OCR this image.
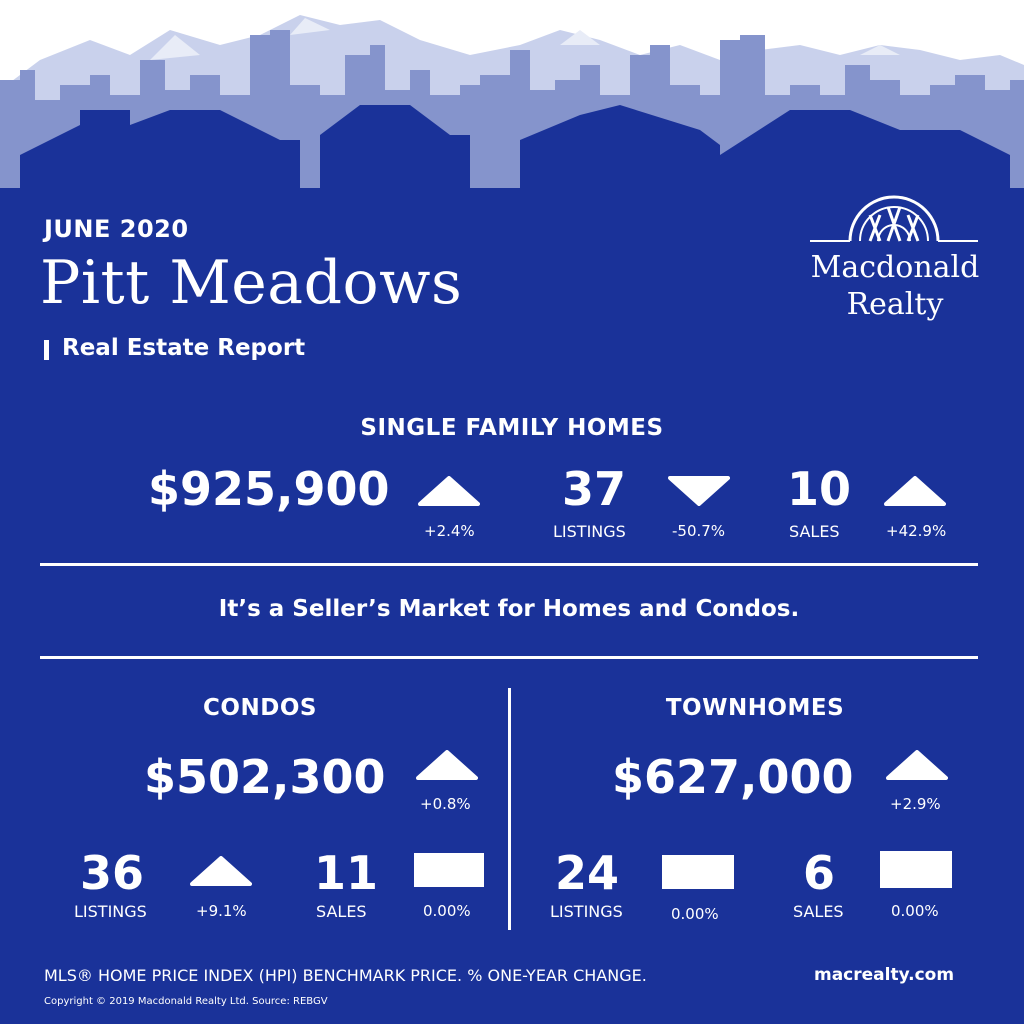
JUNE 2020
Pitt Meadows
Real Estate Report
Macdonald
Realty
SINGLE FAMILY HOMES
$925,900
+2.4%
37
LISTINGS	-50.7%
10
SALES	+42.9%
It’s a Seller’s Market for Homes and Condos.
CONDOS
$502,300 +0.8%
36
LISTINGS	+9.1%
11
SALES	0.00%
TOWNHOMES
$627,000 +2.9%
24
LISTINGS	0.00%
6
SALES	0.00%
MLS® HOME PRICE INDEX (HPI) BENCHMARK PRICE. % ONE-YEAR CHANGE.
Copyright © 2019 Macdonald Realty Ltd. Source: REBGV
macrealty.com
